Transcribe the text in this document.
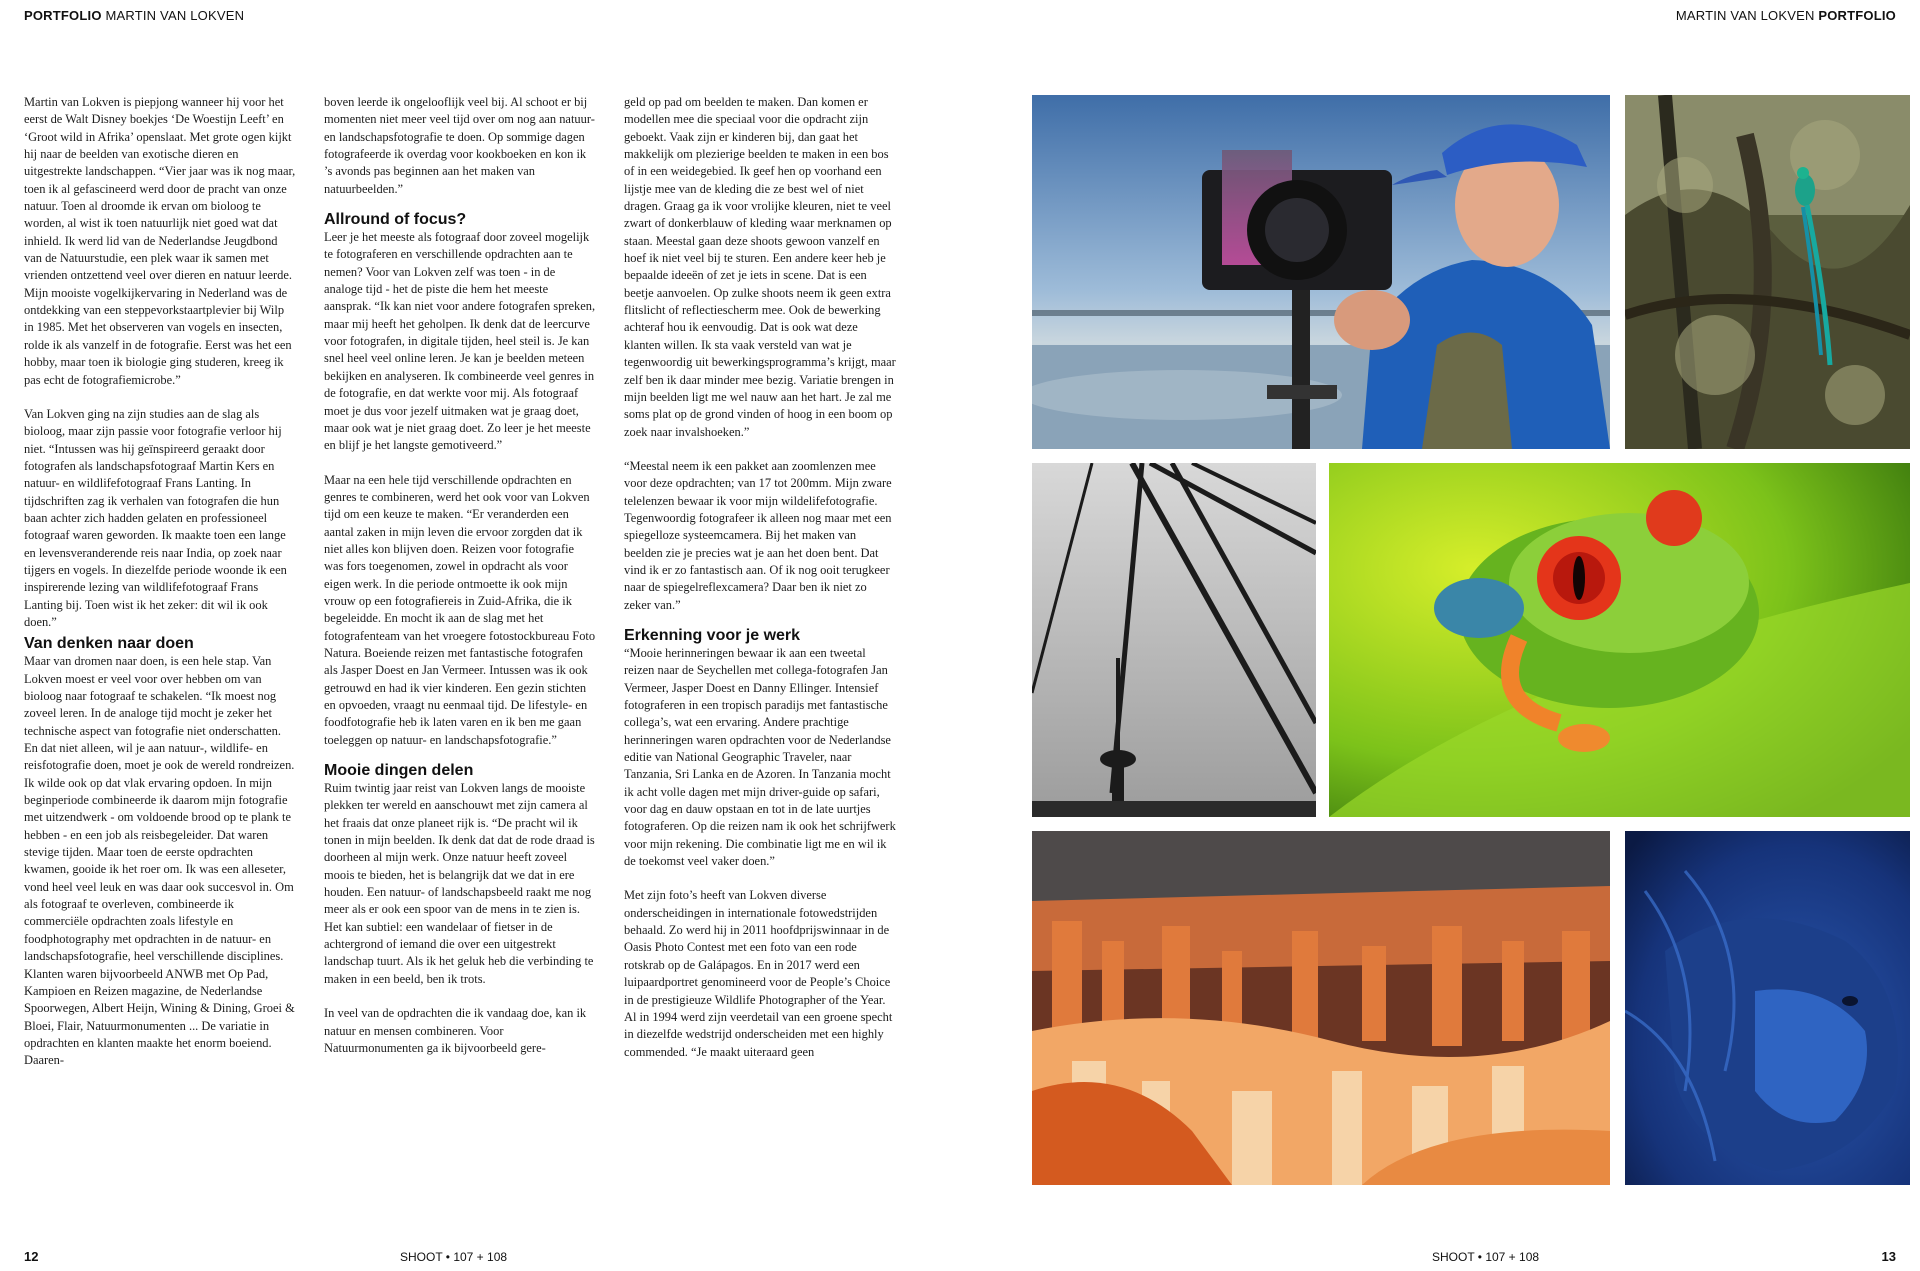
PORTFOLIO MARTIN VAN LOKVEN	MARTIN VAN LOKVEN PORTFOLIO

Martin van Lokven is piepjong wanneer hij voor het eerst de Walt Disney boekjes ‘De Woestijn Leeft’ en ‘Groot wild in Afrika’ openslaat. Met grote ogen kijkt hij naar de beelden van exotische dieren en uitgestrekte landschappen. “Vier jaar was ik nog maar, toen ik al gefascineerd werd door de pracht van onze natuur. Toen al droomde ik ervan om bioloog te worden, al wist ik toen natuurlijk niet goed wat dat inhield. Ik werd lid van de Nederlandse Jeugdbond van de Natuurstudie, een plek waar ik samen met vrienden ontzettend veel over dieren en natuur leerde. Mijn mooiste vogelkijkervaring in Nederland was de ontdekking van een steppevorkstaartplevier bij Wilp in 1985. Met het observeren van vogels en insecten, rolde ik als vanzelf in de fotografie. Eerst was het een hobby, maar toen ik biologie ging studeren, kreeg ik pas echt de fotografiemicrobe.”

Van Lokven ging na zijn studies aan de slag als bioloog, maar zijn passie voor fotografie verloor hij niet. “Intussen was hij geïnspireerd geraakt door fotografen als landschapsfotograaf Martin Kers en natuur- en wildlifefotograaf Frans Lanting. In tijdschriften zag ik verhalen van fotografen die hun baan achter zich hadden gelaten en professioneel fotograaf waren geworden. Ik maakte toen een lange en levensveranderende reis naar India, op zoek naar tijgers en vogels. In diezelfde periode woonde ik een inspirerende lezing van wildlifefotograaf Frans Lanting bij. Toen wist ik het zeker: dit wil ik ook doen.”

Van denken naar doen

Maar van dromen naar doen, is een hele stap. Van Lokven moest er veel voor over hebben om van bioloog naar fotograaf te schakelen. “Ik moest nog zoveel leren. In de analoge tijd mocht je zeker het technische aspect van fotografie niet onderschatten. En dat niet alleen, wil je aan natuur-, wildlife- en reisfotografie doen, moet je ook de wereld rondreizen. Ik wilde ook op dat vlak ervaring opdoen. In mijn beginperiode combineerde ik daarom mijn fotografie met uitzendwerk - om voldoende brood op te plank te hebben - en een job als reisbegeleider. Dat waren stevige tijden. Maar toen de eerste opdrachten kwamen, gooide ik het roer om. Ik was een alleseter, vond heel veel leuk en was daar ook succesvol in. Om als fotograaf te overleven, combineerde ik commerciële opdrachten zoals lifestyle en foodphotography met opdrachten in de natuur- en landschapsfotografie, heel verschillende disciplines. Klanten waren bijvoorbeeld ANWB met Op Pad, Kampioen en Reizen magazine, de Nederlandse Spoorwegen, Albert Heijn, Wining & Dining, Groei & Bloei, Flair, Natuurmonumenten ... De variatie in opdrachten en klanten maakte het enorm boeiend. Daaren-

boven leerde ik ongelooflijk veel bij. Al schoot er bij momenten niet meer veel tijd over om nog aan natuur- en landschapsfotografie te doen. Op sommige dagen fotografeerde ik overdag voor kookboeken en kon ik ’s avonds pas beginnen aan het maken van natuurbeelden.”

Allround of focus?

Leer je het meeste als fotograaf door zoveel mogelijk te fotograferen en verschillende opdrachten aan te nemen? Voor van Lokven zelf was toen - in de analoge tijd - het de piste die hem het meeste aansprak. “Ik kan niet voor andere fotografen spreken, maar mij heeft het geholpen. Ik denk dat de leercurve voor fotografen, in digitale tijden, heel steil is. Je kan snel heel veel online leren. Je kan je beelden meteen bekijken en analyseren. Ik combineerde veel genres in de fotografie, en dat werkte voor mij. Als fotograaf moet je dus voor jezelf uitmaken wat je graag doet, maar ook wat je niet graag doet. Zo leer je het meeste en blijf je het langste gemotiveerd.”

Maar na een hele tijd verschillende opdrachten en genres te combineren, werd het ook voor van Lokven tijd om een keuze te maken. “Er veranderden een aantal zaken in mijn leven die ervoor zorgden dat ik niet alles kon blijven doen. Reizen voor fotografie was fors toegenomen, zowel in opdracht als voor eigen werk. In die periode ontmoette ik ook mijn vrouw op een fotografiereis in Zuid-Afrika, die ik begeleidde. En mocht ik aan de slag met het fotografenteam van het vroegere fotostockbureau Foto Natura. Boeiende reizen met fantastische fotografen als Jasper Doest en Jan Vermeer. Intussen was ik ook getrouwd en had ik vier kinderen. Een gezin stichten en opvoeden, vraagt nu eenmaal tijd. De lifestyle- en foodfotografie heb ik laten varen en ik ben me gaan toeleggen op natuur- en landschapsfotografie.”

Mooie dingen delen

Ruim twintig jaar reist van Lokven langs de mooiste plekken ter wereld en aanschouwt met zijn camera al het fraais dat onze planeet rijk is. “De pracht wil ik tonen in mijn beelden. Ik denk dat dat de rode draad is doorheen al mijn werk. Onze natuur heeft zoveel moois te bieden, het is belangrijk dat we dat in ere houden. Een natuur- of landschapsbeeld raakt me nog meer als er ook een spoor van de mens in te zien is. Het kan subtiel: een wandelaar of fietser in de achtergrond of iemand die over een uitgestrekt landschap tuurt. Als ik het geluk heb die verbinding te maken in een beeld, ben ik trots.

In veel van de opdrachten die ik vandaag doe, kan ik natuur en mensen combineren. Voor Natuurmonumenten ga ik bijvoorbeeld gere-

geld op pad om beelden te maken. Dan komen er modellen mee die speciaal voor die opdracht zijn geboekt. Vaak zijn er kinderen bij, dan gaat het makkelijk om plezierige beelden te maken in een bos of in een weidegebied. Ik geef hen op voorhand een lijstje mee van de kleding die ze best wel of niet dragen. Graag ga ik voor vrolijke kleuren, niet te veel zwart of donkerblauw of kleding waar merknamen op staan. Meestal gaan deze shoots gewoon vanzelf en hoef ik niet veel bij te sturen. Een andere keer heb je bepaalde ideeën of zet je iets in scene. Dat is een beetje aanvoelen. Op zulke shoots neem ik geen extra flitslicht of reflectiescherm mee. Ook de bewerking achteraf hou ik eenvoudig. Dat is ook wat deze klanten willen. Ik sta vaak versteld van wat je tegenwoordig uit bewerkingsprogramma’s krijgt, maar zelf ben ik daar minder mee bezig. Variatie brengen in mijn beelden ligt me wel nauw aan het hart. Je zal me soms plat op de grond vinden of hoog in een boom op zoek naar invalshoeken.”

“Meestal neem ik een pakket aan zoomlenzen mee voor deze opdrachten; van 17 tot 200mm. Mijn zware telelenzen bewaar ik voor mijn wildelifefotografie. Tegenwoordig fotografeer ik alleen nog maar met een spiegelloze systeemcamera. Bij het maken van beelden zie je precies wat je aan het doen bent. Dat vind ik er zo fantastisch aan. Of ik nog ooit terugkeer naar de spiegelreflexcamera? Daar ben ik niet zo zeker van.”

Erkenning voor je werk

“Mooie herinneringen bewaar ik aan een tweetal reizen naar de Seychellen met collega-fotografen Jan Vermeer, Jasper Doest en Danny Ellinger. Intensief fotograferen in een tropisch paradijs met fantastische collega’s, wat een ervaring. Andere prachtige herinneringen waren opdrachten voor de Nederlandse editie van National Geographic Traveler, naar Tanzania, Sri Lanka en de Azoren. In Tanzania mocht ik acht volle dagen met mijn driver-guide op safari, voor dag en dauw opstaan en tot in de late uurtjes fotograferen. Op die reizen nam ik ook het schrijfwerk voor mijn rekening. Die combinatie ligt me en wil ik de toekomst veel vaker doen.”

Met zijn foto’s heeft van Lokven diverse onderscheidingen in internationale fotowedstrijden behaald. Zo werd hij in 2011 hoofdprijswinnaar in de Oasis Photo Contest met een foto van een rode rotskrab op de Galápagos. En in 2017 werd een luipaardportret genomineerd voor de People’s Choice in de prestigieuze Wildlife Photographer of the Year. Al in 1994 werd zijn veerdetail van een groene specht in diezelfde wedstrijd onderscheiden met een highly commended. “Je maakt uiteraard geen

12	SHOOT • 107 + 108	SHOOT • 107 + 108	13
